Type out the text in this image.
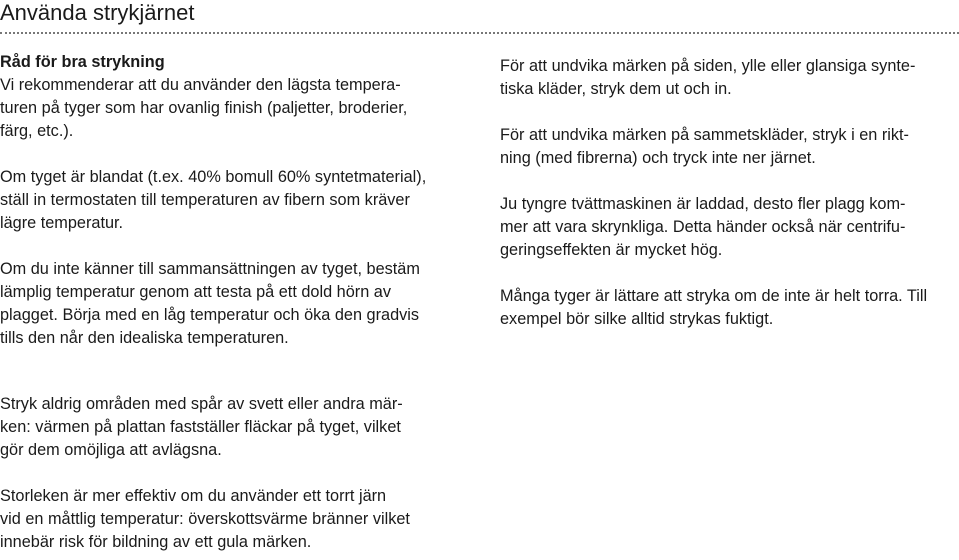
Använda strykjärnet

Råd för bra strykning

Vi rekommenderar att du använder den lägsta tempera-
turen på tyger som har ovanlig finish (paljetter, broderier,
färg, etc.).

Om tyget är blandat (t.ex. 40% bomull 60% syntetmaterial),
ställ in termostaten till temperaturen av fibern som kräver
lägre temperatur.

Om du inte känner till sammansättningen av tyget, bestäm
lämplig temperatur genom att testa på ett dold hörn av
plagget. Börja med en låg temperatur och öka den gradvis
tills den når den idealiska temperaturen.

Stryk aldrig områden med spår av svett eller andra mär-
ken: värmen på plattan fastställer fläckar på tyget, vilket
gör dem omöjliga att avlägsna.

Storleken är mer effektiv om du använder ett torrt järn
vid en måttlig temperatur: överskottsvärme bränner vilket
innebär risk för bildning av ett gula märken.

För att undvika märken på siden, ylle eller glansiga synte-
tiska kläder, stryk dem ut och in.

För att undvika märken på sammetskläder, stryk i en rikt-
ning (med fibrerna) och tryck inte ner järnet.

Ju tyngre tvättmaskinen är laddad, desto fler plagg kom-
mer att vara skrynkliga. Detta händer också när centrifu-
geringseffekten är mycket hög.

Många tyger är lättare att stryka om de inte är helt torra. Till
exempel bör silke alltid strykas fuktigt.
